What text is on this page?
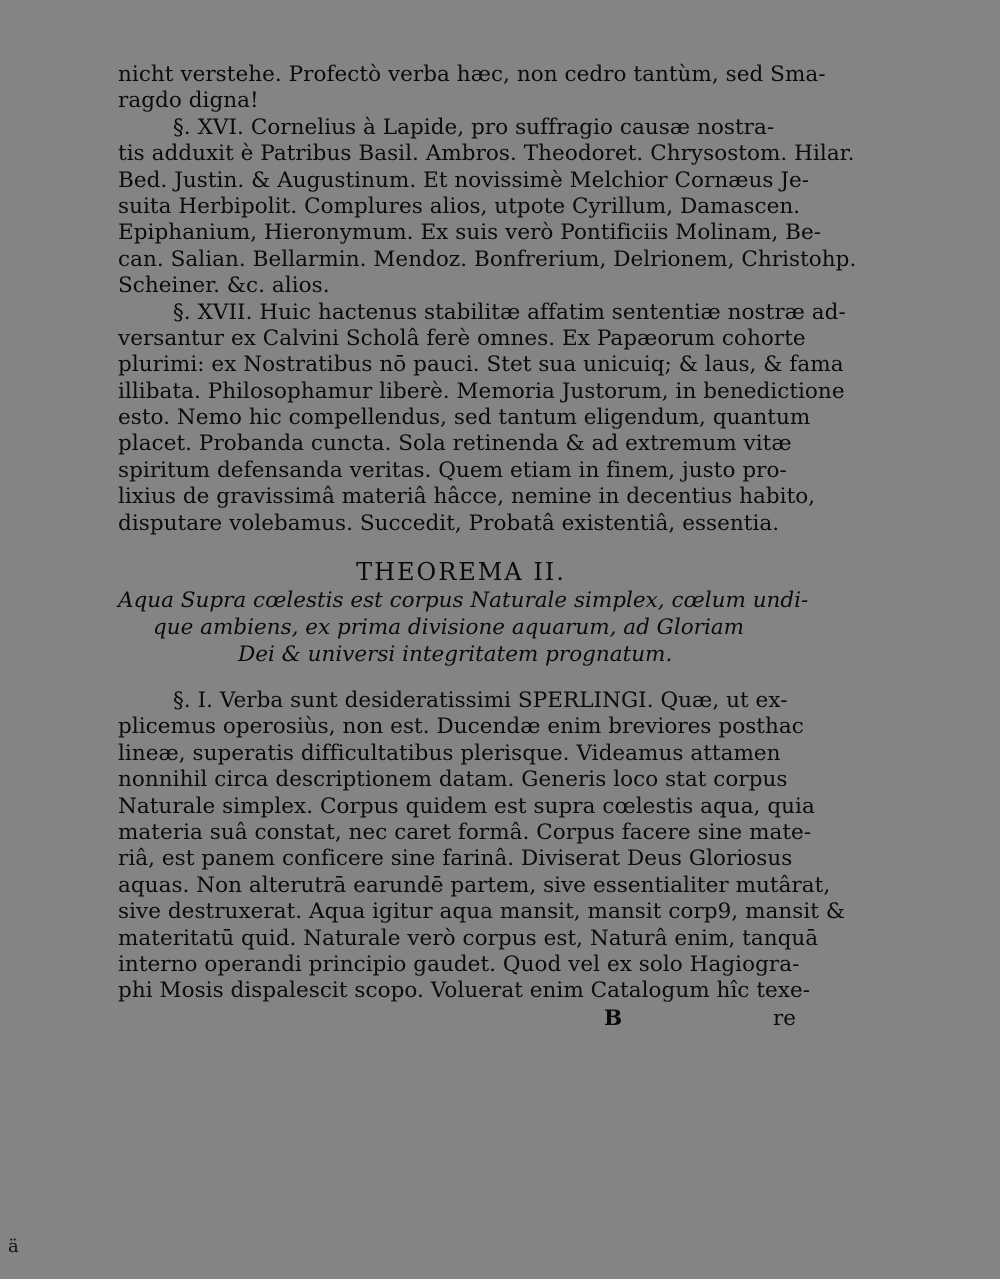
nicht verstehe. Profectò verba hæc, non cedro tantùm, sed Sma-
ragdo digna!
§. XVI. Cornelius à Lapide, pro suffragio causæ nostra-
tis adduxit è Patribus Basil. Ambros. Theodoret. Chrysostom. Hilar.
Bed. Justin. & Augustinum. Et novissimè Melchior Cornæus Je-
suita Herbipolit. Complures alios, utpote Cyrillum, Damascen.
Epiphanium, Hieronymum. Ex suis verò Pontificiis Molinam, Be-
can. Salian. Bellarmin. Mendoz. Bonfrerium, Delrionem, Christohp.
Scheiner. &c. alios.
§. XVII. Huic hactenus stabilitæ affatim sententiæ nostræ ad-
versantur ex Calvini Scholâ ferè omnes. Ex Papæorum cohorte
plurimi: ex Nostratibus nō pauci. Stet sua unicuiq; & laus, & fama
illibata. Philosophamur liberè. Memoria Justorum, in benedictione
esto. Nemo hic compellendus, sed tantum eligendum, quantum
placet. Probanda cuncta. Sola retinenda & ad extremum vitæ
spiritum defensanda veritas. Quem etiam in finem, justo pro-
lixius de gravissimâ materiâ hâcce, nemine in decentius habito,
disputare volebamus. Succedit, Probatâ existentiâ, essentia.
THEOREMA II.
Aqua Supra cœlestis est corpus Naturale simplex, cœlum undi-
que ambiens, ex prima divisione aquarum, ad Gloriam
Dei & universi integritatem prognatum.
§. I. Verba sunt desideratissimi SPERLINGI. Quæ, ut ex-
plicemus operosiùs, non est. Ducendæ enim breviores posthac
lineæ, superatis difficultatibus plerisque. Videamus attamen
nonnihil circa descriptionem datam. Generis loco stat corpus
Naturale simplex. Corpus quidem est supra cœlestis aqua, quia
materia suâ constat, nec caret formâ. Corpus facere sine mate-
riâ, est panem conficere sine farinâ. Diviserat Deus Gloriosus
aquas. Non alterutrā earundē partem, sive essentialiter mutârat,
sive destruxerat. Aqua igitur aqua mansit, mansit corp9, mansit &
materitatū quid. Naturale verò corpus est, Naturâ enim, tanquā
interno operandi principio gaudet. Quod vel ex solo Hagiogra-
phi Mosis dispalescit scopo. Voluerat enim Catalogum hîc texe-
B	re
ä
